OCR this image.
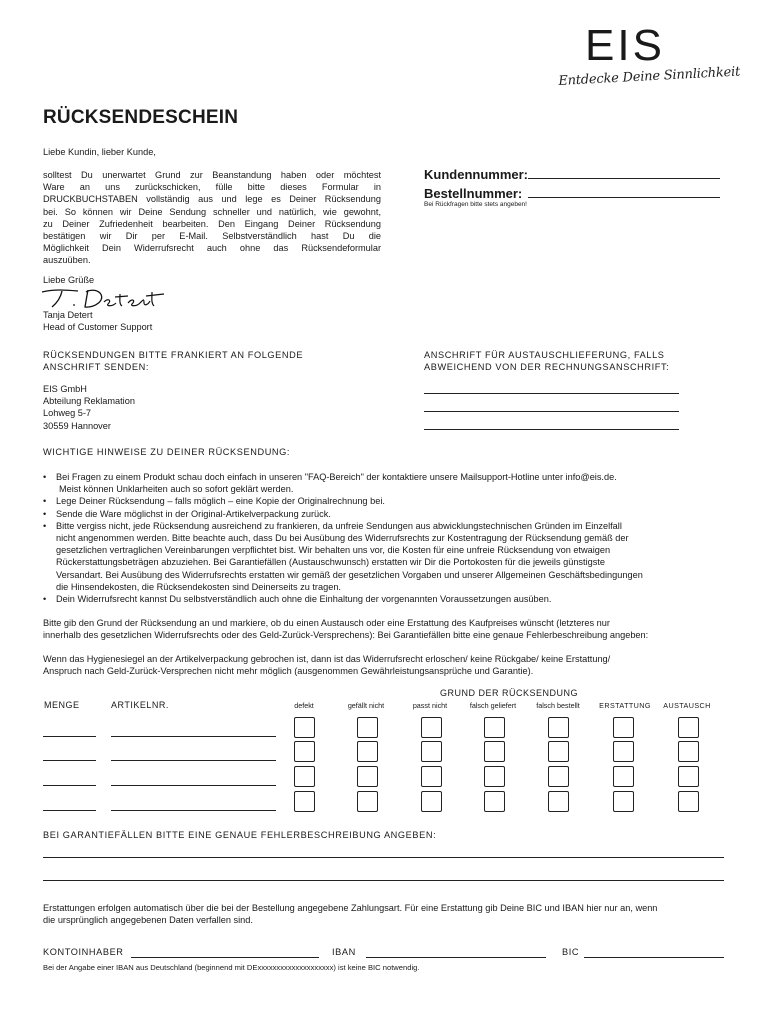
EIS
Entdecke Deine Sinnlichkeit
RÜCKSENDESCHEIN
Liebe Kundin, lieber Kunde,
solltest Du unerwartet Grund zur Beanstandung haben oder möchtest
Ware an uns zurückschicken, fülle bitte dieses Formular in
DRUCKBUCHSTABEN vollständig aus und lege es Deiner Rücksendung
bei. So können wir Deine Sendung schneller und natürlich, wie gewohnt,
zu Deiner Zufriedenheit bearbeiten. Den Eingang Deiner Rücksendung
bestätigen wir Dir per E-Mail. Selbstverständlich hast Du die
Möglichkeit Dein Widerrufsrecht auch ohne das Rücksendeformular
auszuüben.
Liebe Grüße
Tanja Detert
Head of Customer Support
Kundennummer:
Bestellnummer:
Bei Rückfragen bitte stets angeben!
RÜCKSENDUNGEN BITTE FRANKIERT AN FOLGENDE
ANSCHRIFT SENDEN:
EIS GmbH
Abteilung Reklamation
Lohweg 5-7
30559 Hannover
ANSCHRIFT FÜR AUSTAUSCHLIEFERUNG, FALLS
ABWEICHEND VON DER RECHNUNGSANSCHRIFT:
WICHTIGE HINWEISE ZU DEINER RÜCKSENDUNG:
• Bei Fragen zu einem Produkt schau doch einfach in unseren "FAQ-Bereich" der kontaktiere unsere Mailsupport-Hotline unter info@eis.de.
Meist können Unklarheiten auch so sofort geklärt werden.
• Lege Deiner Rücksendung – falls möglich – eine Kopie der Originalrechnung bei.
• Sende die Ware möglichst in der Original-Artikelverpackung zurück.
• Bitte vergiss nicht, jede Rücksendung ausreichend zu frankieren, da unfreie Sendungen aus abwicklungstechnischen Gründen im Einzelfall
nicht angenommen werden. Bitte beachte auch, dass Du bei Ausübung des Widerrufsrechts zur Kostentragung der Rücksendung gemäß der
gesetzlichen vertraglichen Vereinbarungen verpflichtet bist. Wir behalten uns vor, die Kosten für eine unfreie Rücksendung von etwaigen
Rückerstattungsbeträgen abzuziehen. Bei Garantiefällen (Austauschwunsch) erstatten wir Dir die Portokosten für die jeweils günstigste
Versandart. Bei Ausübung des Widerrufsrechts erstatten wir gemäß der gesetzlichen Vorgaben und unserer Allgemeinen Geschäftsbedingungen
die Hinsendekosten, die Rücksendekosten sind Deinerseits zu tragen.
• Dein Widerrufsrecht kannst Du selbstverständlich auch ohne die Einhaltung der vorgenannten Voraussetzungen ausüben.
Bitte gib den Grund der Rücksendung an und markiere, ob du einen Austausch oder eine Erstattung des Kaufpreises wünscht (letzteres nur
innerhalb des gesetzlichen Widerrufsrechts oder des Geld-Zurück-Versprechens): Bei Garantiefällen bitte eine genaue Fehlerbeschreibung angeben:
Wenn das Hygienesiegel an der Artikelverpackung gebrochen ist, dann ist das Widerrufsrecht erloschen/ keine Rückgabe/ keine Erstattung/
Anspruch nach Geld-Zurück-Versprechen nicht mehr möglich (ausgenommen Gewährleistungsansprüche und Garantie).
GRUND DER RÜCKSENDUNG
MENGE	ARTIKELNR.	defekt	gefällt nicht	passt nicht	falsch geliefert	falsch bestellt	ERSTATTUNG	AUSTAUSCH
BEI GARANTIEFÄLLEN BITTE EINE GENAUE FEHLERBESCHREIBUNG ANGEBEN:
Erstattungen erfolgen automatisch über die bei der Bestellung angegebene Zahlungsart. Für eine Erstattung gib Deine BIC und IBAN hier nur an, wenn
die ursprünglich angegebenen Daten verfallen sind.
KONTOINHABER	IBAN	BIC
Bei der Angabe einer IBAN aus Deutschland (beginnend mit DExxxxxxxxxxxxxxxxxxxx) ist keine BIC notwendig.
